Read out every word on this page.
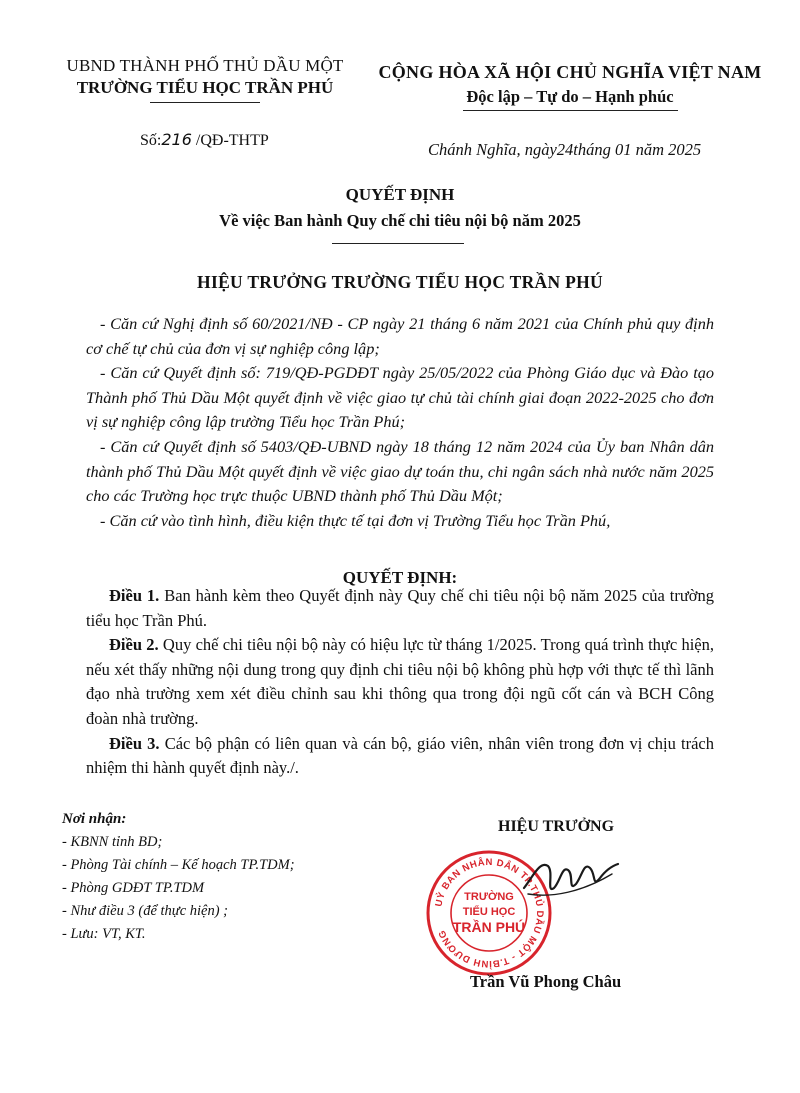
UBND THÀNH PHỐ THỦ DẦU MỘT
TRƯỜNG TIỂU HỌC TRẦN PHÚ
CỘNG HÒA XÃ HỘI CHỦ NGHĨA VIỆT NAM
Độc lập – Tự do – Hạnh phúc
Số:216 /QĐ-THTP	Chánh Nghĩa, ngày24tháng 01 năm 2025
QUYẾT ĐỊNH
Về việc Ban hành Quy chế chi tiêu nội bộ năm 2025
HIỆU TRƯỞNG TRƯỜNG TIỂU HỌC TRẦN PHÚ

- Căn cứ Nghị định số 60/2021/NĐ - CP ngày 21 tháng 6 năm 2021 của Chính phủ quy định cơ chế tự chủ của đơn vị sự nghiệp công lập;

- Căn cứ Quyết định số: 719/QĐ-PGDĐT ngày 25/05/2022 của Phòng Giáo dục và Đào tạo Thành phố Thủ Dầu Một quyết định về việc giao tự chủ tài chính giai đoạn 2022-2025 cho đơn vị sự nghiệp công lập trường Tiểu học Trần Phú;

- Căn cứ Quyết định số 5403/QĐ-UBND ngày 18 tháng 12 năm 2024 của Ủy ban Nhân dân thành phố Thủ Dầu Một quyết định về việc giao dự toán thu, chi ngân sách nhà nước năm 2025 cho các Trường học trực thuộc UBND thành phố Thủ Dầu Một;

- Căn cứ vào tình hình, điều kiện thực tế tại đơn vị Trường Tiểu học Trần Phú,

QUYẾT ĐỊNH:

Điều 1. Ban hành kèm theo Quyết định này Quy chế chi tiêu nội bộ năm 2025 của trường tiểu học Trần Phú.

Điều 2. Quy chế chi tiêu nội bộ này có hiệu lực từ tháng 1/2025. Trong quá trình thực hiện, nếu xét thấy những nội dung trong quy định chi tiêu nội bộ không phù hợp với thực tế thì lãnh đạo nhà trường xem xét điều chỉnh sau khi thông qua trong đội ngũ cốt cán và BCH Công đoàn nhà trường.

Điều 3. Các bộ phận có liên quan và cán bộ, giáo viên, nhân viên trong đơn vị chịu trách nhiệm thi hành quyết định này./.

Nơi nhận:
- KBNN tỉnh BD;
- Phòng Tài chính – Kế hoạch TP.TDM;
- Phòng GDĐT TP.TDM
- Như điều 3 (để thực hiện) ;
- Lưu: VT, KT.
HIỆU TRƯỞNG
UỶ BAN NHÂN DÂN TP.THỦ DẦU MỘT - T.BÌNH DƯƠNG
TRƯỜNG
TIỂU HỌC
TRẦN PHÚ
Trần Vũ Phong Châu
